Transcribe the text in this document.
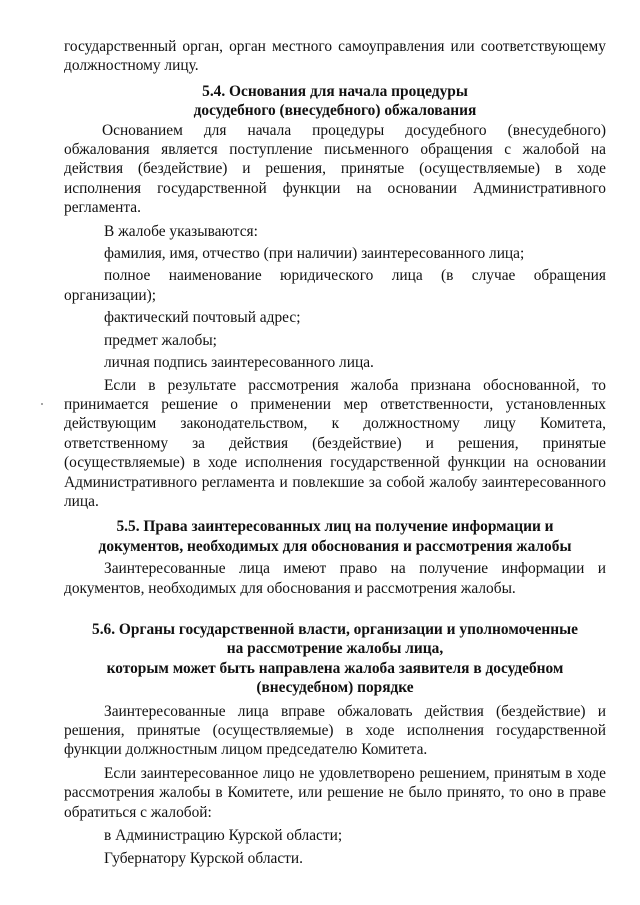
государственный орган, орган местного самоуправления или соответствующему должностному лицу.

5.4. Основания для начала процедуры
досудебного (внесудебного) обжалования

Основанием для начала процедуры досудебного (внесудебного) обжалования является поступление письменного обращения с жалобой на действия (бездействие) и решения, принятые (осуществляемые) в ходе исполнения государственной функции на основании Административного регламента.

В жалобе указываются:

фамилия, имя, отчество (при наличии) заинтересованного лица;

полное наименование юридического лица (в случае обращения организации);

фактический почтовый адрес;

предмет жалобы;

личная подпись заинтересованного лица.

Если в результате рассмотрения жалоба признана обоснованной, то принимается решение о применении мер ответственности, установленных действующим законодательством, к должностному лицу Комитета, ответственному за действия (бездействие) и решения, принятые (осуществляемые) в ходе исполнения государственной функции на основании Административного регламента и повлекшие за собой жалобу заинтересованного лица.

5.5. Права заинтересованных лиц на получение информации и
документов, необходимых для обоснования и рассмотрения жалобы

Заинтересованные лица имеют право на получение информации и документов, необходимых для обоснования и рассмотрения жалобы.

5.6. Органы государственной власти, организации и уполномоченные
на рассмотрение жалобы лица,
которым может быть направлена жалоба заявителя в досудебном
(внесудебном) порядке

Заинтересованные лица вправе обжаловать действия (бездействие) и решения, принятые (осуществляемые) в ходе исполнения государственной функции должностным лицом председателю Комитета.

Если заинтересованное лицо не удовлетворено решением, принятым в ходе рассмотрения жалобы в Комитете, или решение не было принято, то оно в праве обратиться с жалобой:

в Администрацию Курской области;

Губернатору Курской области.
